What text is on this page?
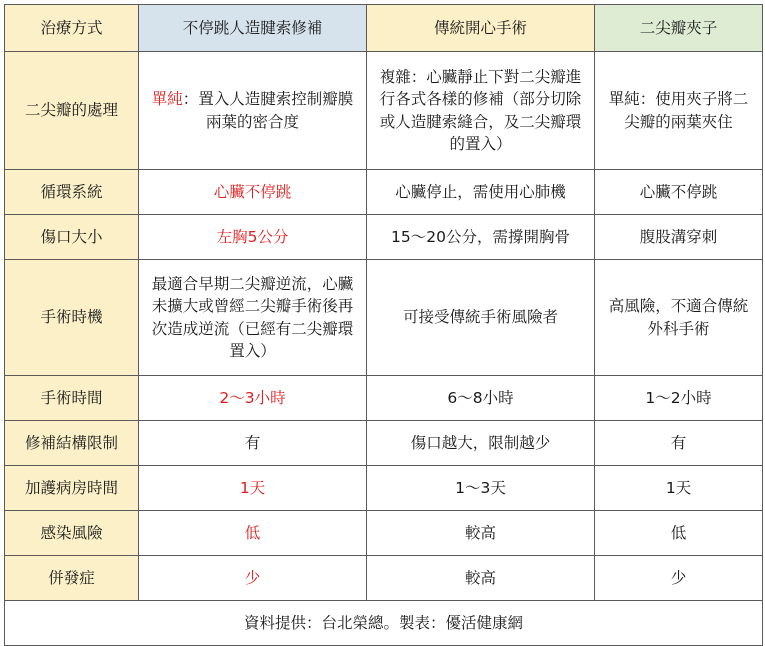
治療方式	不停跳人造腱索修補	傳統開心手術	二尖瓣夾子
二尖瓣的處理	單純：置入人造腱索控制瓣膜兩葉的密合度	複雜：心臟靜止下對二尖瓣進行各式各樣的修補（部分切除或人造腱索縫合，及二尖瓣環的置入）	單純：使用夾子將二尖瓣的兩葉夾住
循環系統	心臟不停跳	心臟停止，需使用心肺機	心臟不停跳
傷口大小	左胸5公分	15～20公分，需撐開胸骨	腹股溝穿刺
手術時機	最適合早期二尖瓣逆流，心臟未擴大或曾經二尖瓣手術後再次造成逆流（已經有二尖瓣環置入）	可接受傳統手術風險者	高風險，不適合傳統外科手術
手術時間	2～3小時	6～8小時	1～2小時
修補結構限制	有	傷口越大，限制越少	有
加護病房時間	1天	1～3天	1天
感染風險	低	較高	低
併發症	少	較高	少
資料提供：台北榮總。製表：優活健康網			
